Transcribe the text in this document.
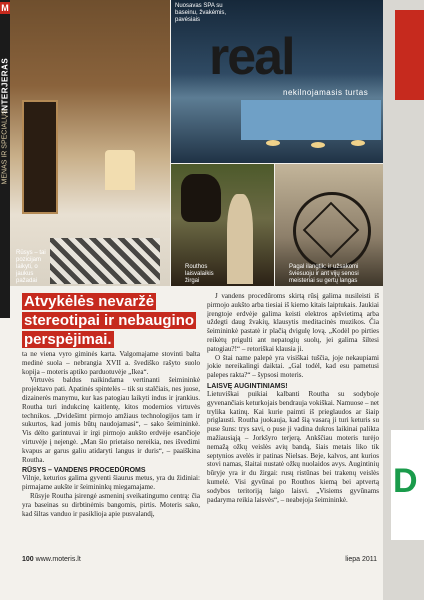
M
INTERJERAS
MENAS IR SPECIALŲS
Rūsys – tai pozicijam laikyti, o jaukus pažadai
Nuosavas SPA su baseinu, žvakėmis, pavėsiais
real
nekilnojamasis turtas
Routhos laisvalaikis žirgai
Pagal ilangtik: ir užsakomi šviesuoju ir ant vijų senosi meisteriai su gertų langas
D
Atvykėlės nevaržė stereotipai ir nebaugino perspėjimai.

ta ne viena vyro giminės karta. Valgomajame stovinti balta medinė suola – nebrangia XVII a. švediško rašyto suolo kopija – moteris aptiko parduotuvėje „Ikea“.

Virtuvės baldus naikindama vertinanti šeimininkė projektavo pati. Apatinės spintelės – tik su stalčiais, nes juose, dizainerės manymu, kur kas patogiau laikyti indus ir įrankius. Routha turi indukcinę kaitlentę, kitos modernios virtuvės technikos. „Dvidešimt pirmojo amžiaus technologijos tam ir sukurtos, kad jomis būtų naudojamasi“, – sako šeimininkė. Vis dėlto garintuvai ir irgi pirmojo aukšto erdvėje esančioje virtuvėje į nejengė. „Man šio prietaiso nereikia, nes išvedimi kvapus ar garus galiu atidaryti langus ir duris“, – paaiškina Routha.

RŪSYS – VANDENS PROCEDŪROMS

Vilnje, keturios galima gyventi šiaurus metus, yra du židiniai: pirmajame aukšte ir šeimininkų miegamajame.

Rūsyje Routha įsirengė asmeninį sveikatingumo centrą: čia yra baseinas su dirbtinėmis bangomis, pirtis. Moteris sako, kad šiltas vanduo ir pasiklioja apie pusvalandį,

J vandens procedūroms skirtą rūsį galima nusileisti iš pirmojo aukšto arba tiesiai iš kiemo kitais laiptukais. Jaukiai įrengtoje erdvėje galima keisti elektros apšvietimą arba uždegti daug žvakių, klausytis meditacinės muzikos. Čia šeimininkė pastatė ir plačią dvigulę lovą. „Kodėl po pirties reikėtų prigulti ant nepatogių suolų, jei galima šiltesi patogiau?!“ – retoriškai klausia ji.

O štai name palepė yra visiškai tuščia, joje nekaupiami jokie nereikalingi daiktai. „Gal todėl, kad esu pametusi palepes rakta?“ – šypsosi moteris.

LAISVĘ AUGINTINIAMS!

Lietuviškai puikiai kalbanti Routha su sodyboje gyvenančiais keturkojais bendrauja vokiškai. Namuose – net trylika katinų. Kai kurie paimti iš prieglaudos ar šiaip priglausti. Routha juokauja, kad šią vasarą ji turi keturis su puse šuns: trys savi, o puse ji vadina dukros laikinai palikta mažiausiąją – Jorkšyro terjerą. Ankščiau moteris turėjo nemažą ožkų veislės avių bandą, šiais metais liko tik septynios avelės ir patinas Nielsas. Beje, kalvos, ant kurios stovi namas, šlaitai nustatė ožkų nuolaidos avys. Augintinių būryje yra ir du žirgai: rusų ristūnas bei trakenų veislės kumelė. Visi gyvūnai po Routhos kiemą bei aptvertą sodybos teritoriją laigo laisvi. „Visiems gyvūnams padaryma reikia laisvės“, – neabejoja šeimininkė.

100 www.moteris.lt	liepa 2011
